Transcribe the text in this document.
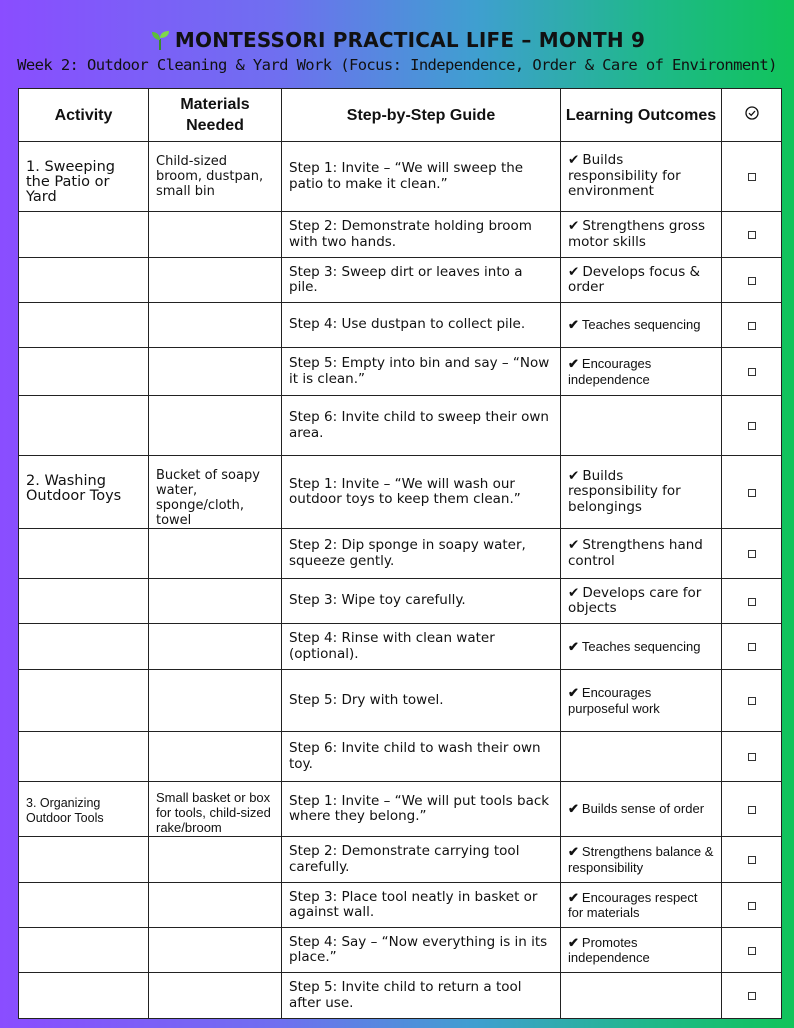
MONTESSORI PRACTICAL LIFE – MONTH 9
Week 2: Outdoor Cleaning & Yard Work (Focus: Independence, Order & Care of Environment)
Activity	Materials Needed	Step-by-Step Guide	Learning Outcomes	
1. Sweeping the Patio or Yard	Child-sized broom, dustpan, small bin	Step 1: Invite – “We will sweep the patio to make it clean.”	✔ Builds responsibility for environment	
		Step 2: Demonstrate holding broom with two hands.	✔ Strengthens gross motor skills	
		Step 3: Sweep dirt or leaves into a pile.	✔ Develops focus & order	
		Step 4: Use dustpan to collect pile.	✔ Teaches sequencing	
		Step 5: Empty into bin and say – “Now it is clean.”	✔ Encourages independence	
		Step 6: Invite child to sweep their own area.		
2. Washing Outdoor Toys	Bucket of soapy water, sponge/cloth, towel	Step 1: Invite – “We will wash our outdoor toys to keep them clean.”	✔ Builds responsibility for belongings	
		Step 2: Dip sponge in soapy water, squeeze gently.	✔ Strengthens hand control	
		Step 3: Wipe toy carefully.	✔ Develops care for objects	
		Step 4: Rinse with clean water (optional).	✔ Teaches sequencing	
		Step 5: Dry with towel.	✔ Encourages purposeful work	
		Step 6: Invite child to wash their own toy.		
3. Organizing Outdoor Tools	Small basket or box for tools, child-sized rake/broom	Step 1: Invite – “We will put tools back where they belong.”	✔ Builds sense of order	
		Step 2: Demonstrate carrying tool carefully.	✔ Strengthens balance & responsibility	
		Step 3: Place tool neatly in basket or against wall.	✔ Encourages respect for materials	
		Step 4: Say – “Now everything is in its place.”	✔ Promotes independence	
		Step 5: Invite child to return a tool after use.		
